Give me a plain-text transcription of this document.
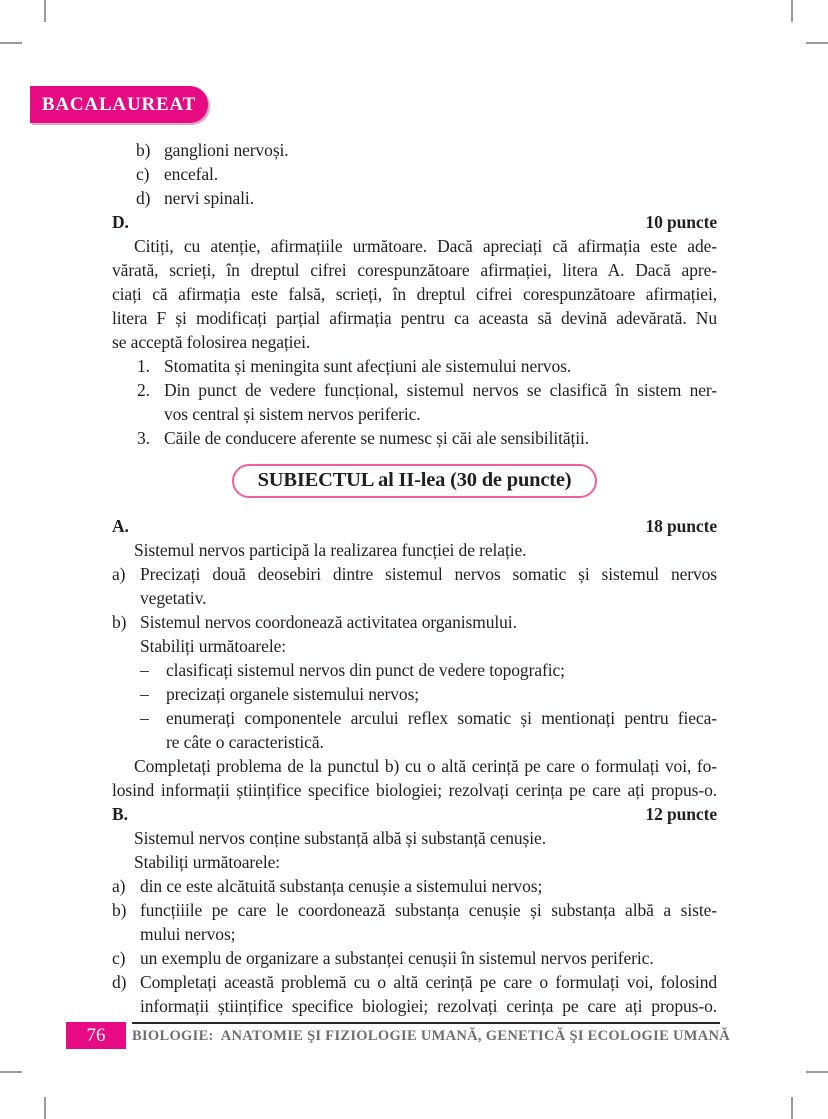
BACALAUREAT
b) ganglioni nervoși.
c) encefal.
d) nervi spinali.
D.	10 puncte
Citiți, cu atenție, afirmațiile următoare. Dacă apreciați că afirmația este ade-
vărată, scrieți, în dreptul cifrei corespunzătoare afirmației, litera A. Dacă apre-
ciați că afirmația este falsă, scrieți, în dreptul cifrei corespunzătoare afirmației,
litera F și modificați parțial afirmația pentru ca aceasta să devină adevărată. Nu
se acceptă folosirea negației.
1. Stomatita și meningita sunt afecțiuni ale sistemului nervos.
2. Din punct de vedere funcțional, sistemul nervos se clasifică în sistem ner-
vos central și sistem nervos periferic.
3. Căile de conducere aferente se numesc și căi ale sensibilității.
SUBIECTUL al II-lea (30 de puncte)
A.	18 puncte
Sistemul nervos participă la realizarea funcției de relație.
a) Precizați două deosebiri dintre sistemul nervos somatic și sistemul nervos
vegetativ.
b) Sistemul nervos coordonează activitatea organismului.
Stabiliți următoarele:
– clasificați sistemul nervos din punct de vedere topografic;
– precizați organele sistemului nervos;
– enumerați componentele arcului reflex somatic și mentionați pentru fieca-
re câte o caracteristică.
Completați problema de la punctul b) cu o altă cerință pe care o formulați voi, fo-
losind informații științifice specifice biologiei; rezolvați cerința pe care ați propus-o.
B.	12 puncte
Sistemul nervos conține substanță albă și substanță cenușie.
Stabiliți următoarele:
a) din ce este alcătuită substanța cenușie a sistemului nervos;
b) funcțiiile pe care le coordonează substanța cenușie și substanța albă a siste-
mului nervos;
c) un exemplu de organizare a substanței cenușii în sistemul nervos periferic.
d) Completați această problemă cu o altă cerință pe care o formulați voi, folosind
informații științifice specifice biologiei; rezolvați cerința pe care ați propus-o.
76	BIOLOGIE:  ANATOMIE ŞI FIZIOLOGIE UMANĂ, GENETICĂ ŞI ECOLOGIE UMANĂ
